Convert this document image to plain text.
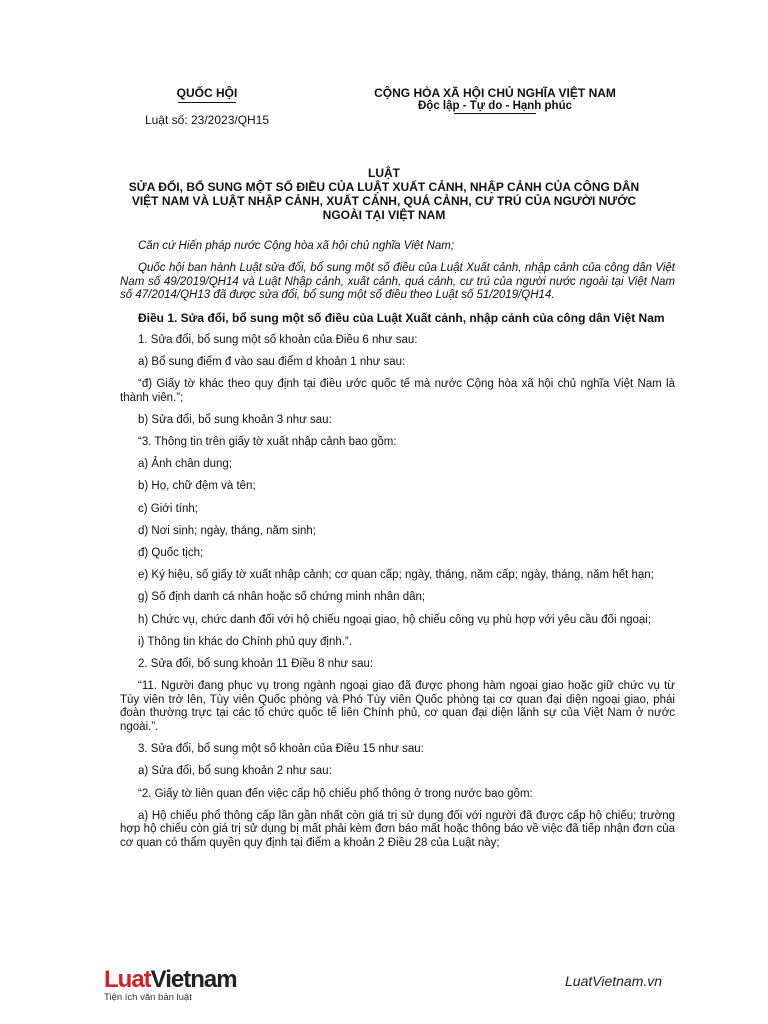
QUỐC HỘI
Luật số: 23/2023/QH15
CỘNG HÒA XÃ HỘI CHỦ NGHĨA VIỆT NAM
Độc lập - Tự do - Hạnh phúc
LUẬT
SỬA ĐỔI, BỔ SUNG MỘT SỐ ĐIỀU CỦA LUẬT XUẤT CẢNH, NHẬP CẢNH CỦA CÔNG DÂN
VIỆT NAM VÀ LUẬT NHẬP CẢNH, XUẤT CẢNH, QUÁ CẢNH, CƯ TRÚ CỦA NGƯỜI NƯỚC
NGOÀI TẠI VIỆT NAM

Căn cứ Hiến pháp nước Cộng hòa xã hội chủ nghĩa Việt Nam;

Quốc hội ban hành Luật sửa đổi, bổ sung một số điều của Luật Xuất cảnh, nhập cảnh của công dân Việt Nam số 49/2019/QH14 và Luật Nhập cảnh, xuất cảnh, quá cảnh, cư trú của người nước ngoài tại Việt Nam số 47/2014/QH13 đã được sửa đổi, bổ sung một số điều theo Luật số 51/2019/QH14.

Điều 1. Sửa đổi, bổ sung một số điều của Luật Xuất cảnh, nhập cảnh của công dân Việt Nam

1. Sửa đổi, bổ sung một số khoản của Điều 6 như sau:

a) Bổ sung điểm đ vào sau điểm d khoản 1 như sau:

“đ) Giấy tờ khác theo quy định tại điều ước quốc tế mà nước Cộng hòa xã hội chủ nghĩa Việt Nam là thành viên.”;

b) Sửa đổi, bổ sung khoản 3 như sau:

“3. Thông tin trên giấy tờ xuất nhập cảnh bao gồm:

a) Ảnh chân dung;

b) Họ, chữ đệm và tên;

c) Giới tính;

d) Nơi sinh; ngày, tháng, năm sinh;

đ) Quốc tịch;

e) Ký hiệu, số giấy tờ xuất nhập cảnh; cơ quan cấp; ngày, tháng, năm cấp; ngày, tháng, năm hết hạn;

g) Số định danh cá nhân hoặc số chứng minh nhân dân;

h) Chức vụ, chức danh đối với hộ chiếu ngoại giao, hộ chiếu công vụ phù hợp với yêu cầu đối ngoại;

i) Thông tin khác do Chính phủ quy định.”.

2. Sửa đổi, bổ sung khoản 11 Điều 8 như sau:

“11. Người đang phục vụ trong ngành ngoại giao đã được phong hàm ngoại giao hoặc giữ chức vụ từ Tùy viên trở lên, Tùy viên Quốc phòng và Phó Tùy viên Quốc phòng tại cơ quan đại diện ngoại giao, phái đoàn thường trực tại các tổ chức quốc tế liên Chính phủ, cơ quan đại diện lãnh sự của Việt Nam ở nước ngoài.”.

3. Sửa đổi, bổ sung một số khoản của Điều 15 như sau:

a) Sửa đổi, bổ sung khoản 2 như sau:

“2. Giấy tờ liên quan đến việc cấp hộ chiếu phổ thông ở trong nước bao gồm:

a) Hộ chiếu phổ thông cấp lần gần nhất còn giá trị sử dụng đối với người đã được cấp hộ chiếu; trường hợp hộ chiếu còn giá trị sử dụng bị mất phải kèm đơn báo mất hoặc thông báo về việc đã tiếp nhận đơn của cơ quan có thẩm quyền quy định tại điểm a khoản 2 Điều 28 của Luật này;

LuatVietnam
Tiện ích văn bản luật
LuatVietnam.vn
